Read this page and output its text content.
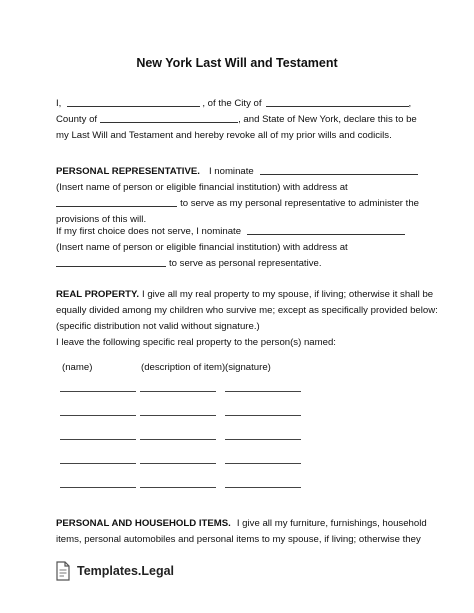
New York Last Will and Testament
I,	, of the City of	,
County of	, and State of New York, declare this to be
my Last Will and Testament and hereby revoke all of my prior wills and codicils.
PERSONAL REPRESENTATIVE. I nominate
(Insert name of person or eligible financial institution) with address at
to serve as my personal representative to administer the
provisions of this will.
If my first choice does not serve, I nominate
(Insert name of person or eligible financial institution) with address at
to serve as personal representative.
REAL PROPERTY. I give all my real property to my spouse, if living; otherwise it shall be
equally divided among my children who survive me; except as specifically provided below:
(specific distribution not valid without signature.)
I leave the following specific real property to the person(s) named:
(name)	(description of item) (signature)
PERSONAL AND HOUSEHOLD ITEMS. I give all my furniture, furnishings, household
items, personal automobiles and personal items to my spouse, if living; otherwise they
Templates.Legal
